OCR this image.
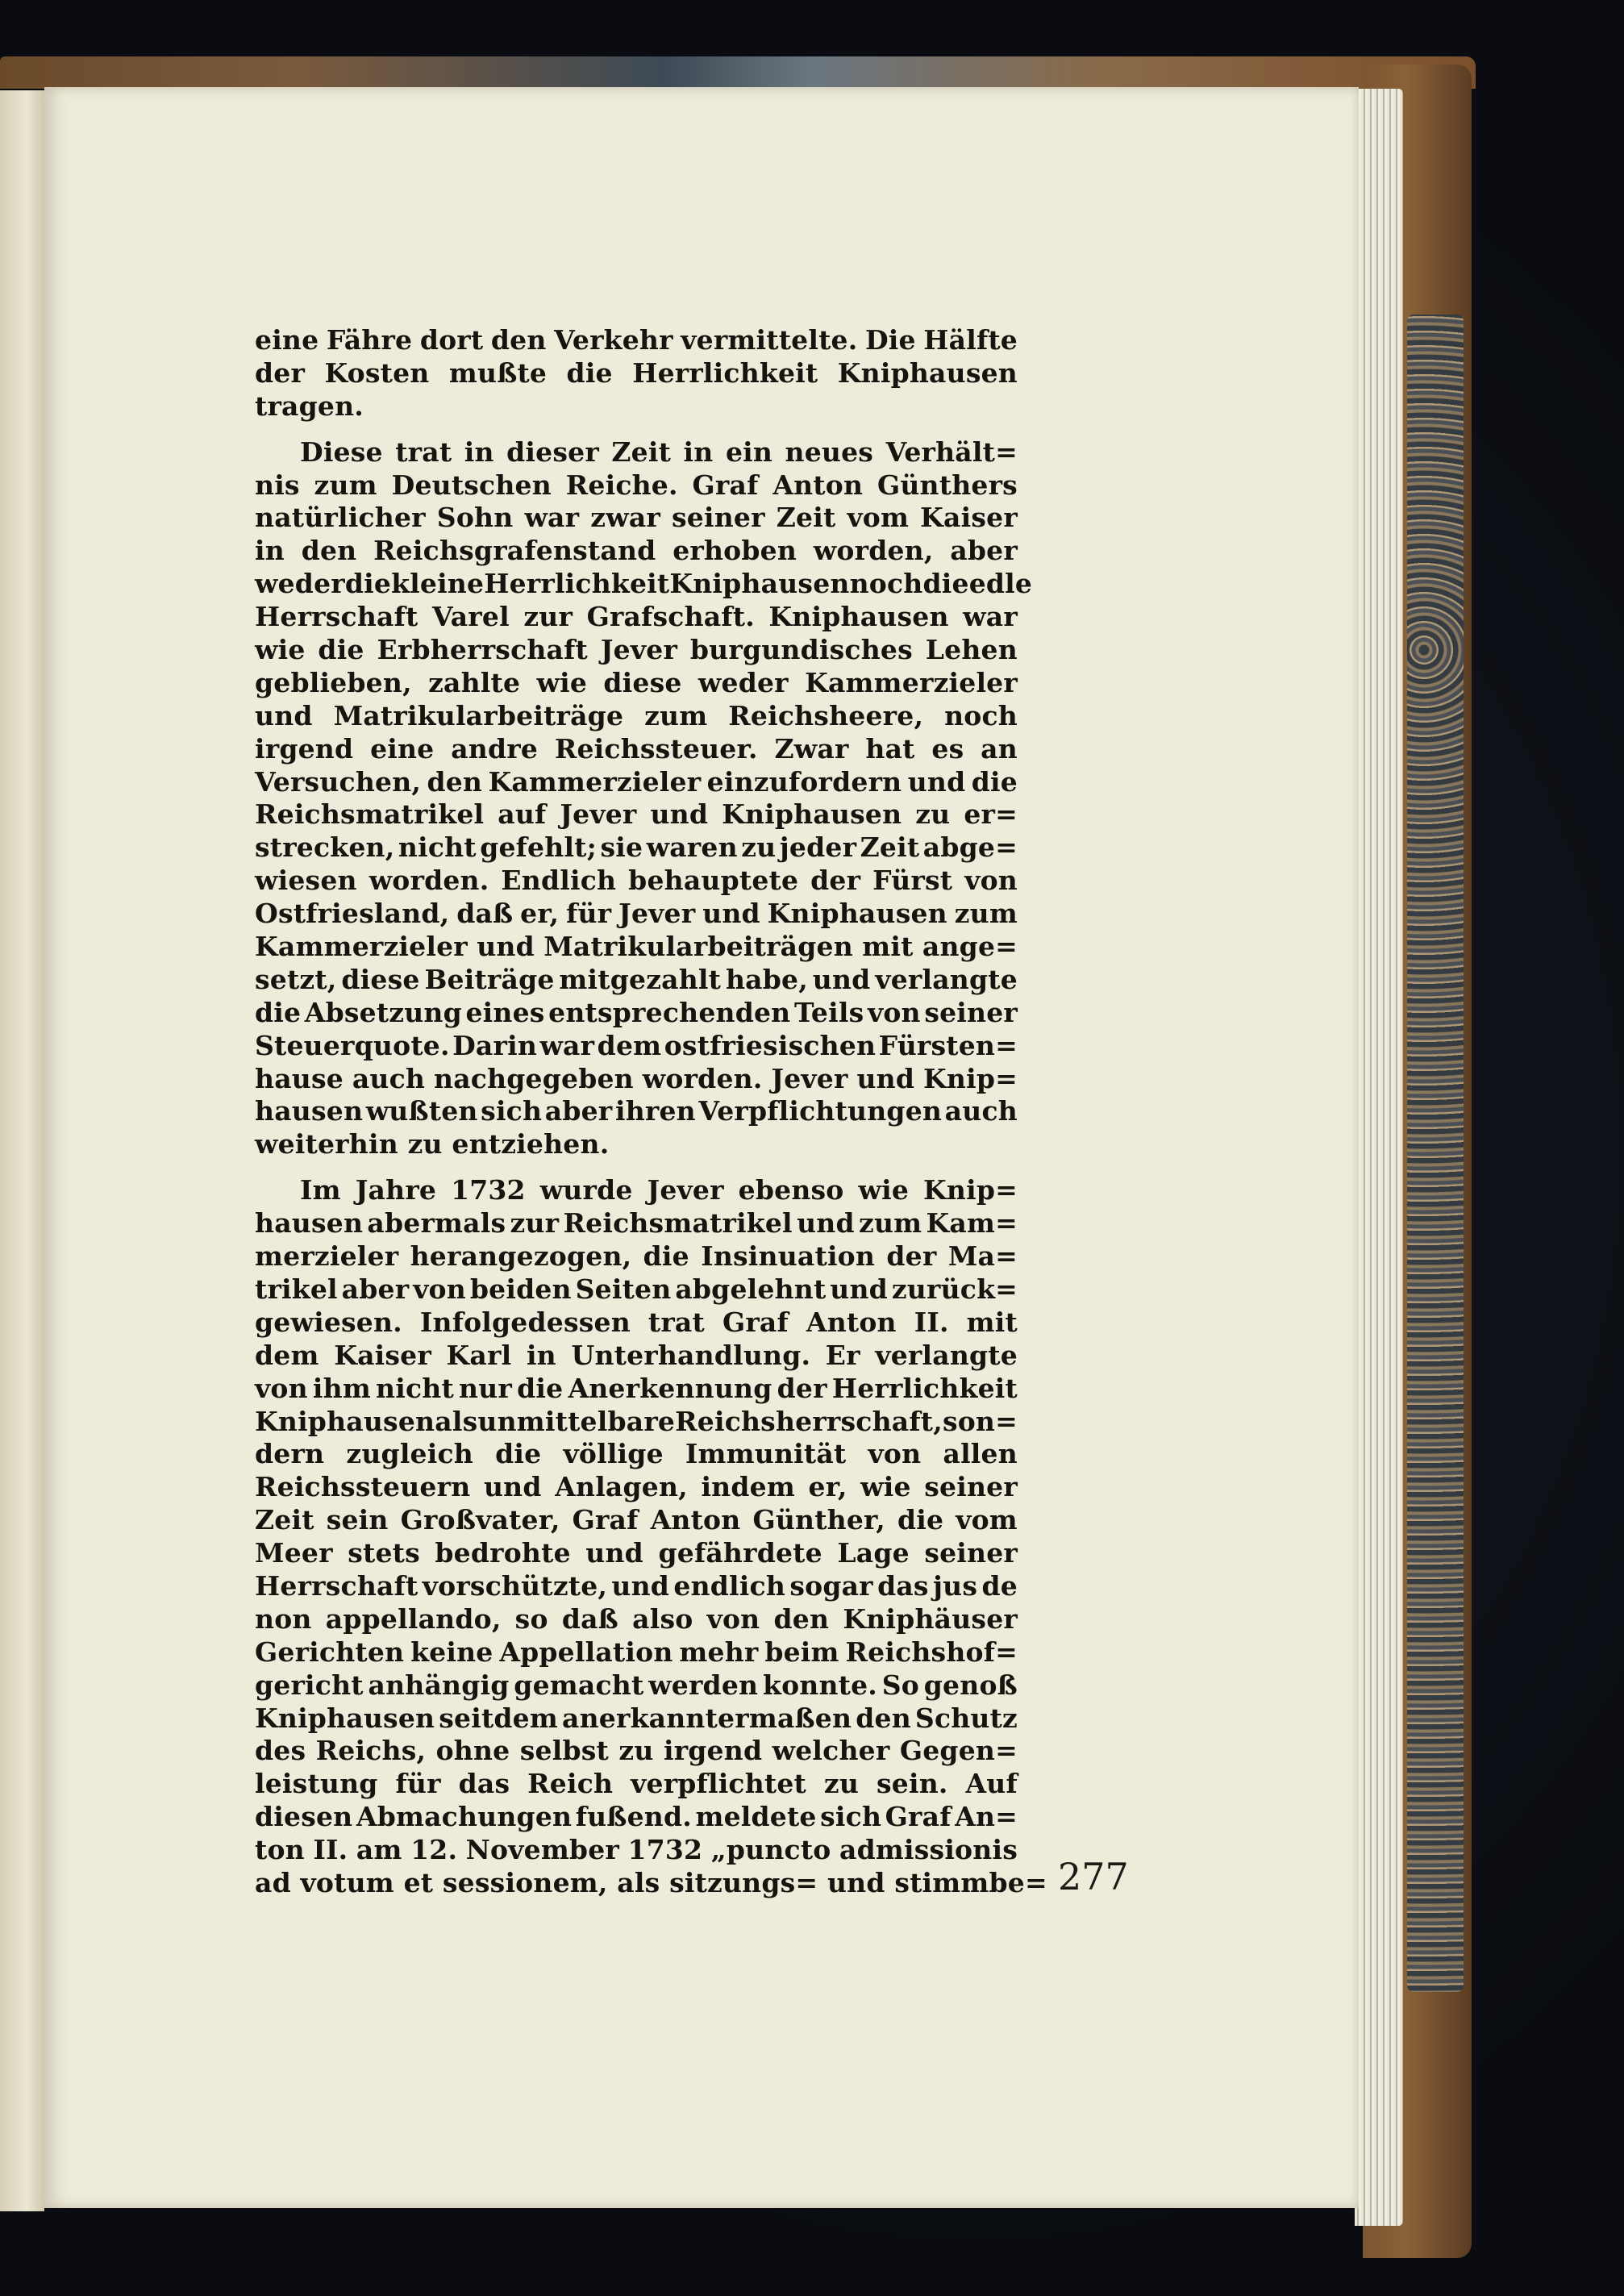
eine Fähre dort den Verkehr vermittelte. Die Hälfte
der Kosten mußte die Herrlichkeit Kniphausen
tragen.
Diese trat in dieser Zeit in ein neues Verhält=
nis zum Deutschen Reiche. Graf Anton Günthers
natürlicher Sohn war zwar seiner Zeit vom Kaiser
in den Reichsgrafenstand erhoben worden, aber
weder die kleine Herrlichkeit Kniphausen noch die edle
Herrschaft Varel zur Grafschaft. Kniphausen war
wie die Erbherrschaft Jever burgundisches Lehen
geblieben, zahlte wie diese weder Kammerzieler
und Matrikularbeiträge zum Reichsheere, noch
irgend eine andre Reichssteuer. Zwar hat es an
Versuchen, den Kammerzieler einzufordern und die
Reichsmatrikel auf Jever und Kniphausen zu er=
strecken, nicht gefehlt; sie waren zu jeder Zeit abge=
wiesen worden. Endlich behauptete der Fürst von
Ostfriesland, daß er, für Jever und Kniphausen zum
Kammerzieler und Matrikularbeiträgen mit ange=
setzt, diese Beiträge mitgezahlt habe, und verlangte
die Absetzung eines entsprechenden Teils von seiner
Steuerquote. Darin war dem ostfriesischen Fürsten=
hause auch nachgegeben worden. Jever und Knip=
hausen wußten sich aber ihren Verpflichtungen auch
weiterhin zu entziehen.
Im Jahre 1732 wurde Jever ebenso wie Knip=
hausen abermals zur Reichsmatrikel und zum Kam=
merzieler herangezogen, die Insinuation der Ma=
trikel aber von beiden Seiten abgelehnt und zurück=
gewiesen. Infolgedessen trat Graf Anton II. mit
dem Kaiser Karl in Unterhandlung. Er verlangte
von ihm nicht nur die Anerkennung der Herrlichkeit
Kniphausen als unmittelbare Reichsherrschaft, son=
dern zugleich die völlige Immunität von allen
Reichssteuern und Anlagen, indem er, wie seiner
Zeit sein Großvater, Graf Anton Günther, die vom
Meer stets bedrohte und gefährdete Lage seiner
Herrschaft vorschützte, und endlich sogar das jus de
non appellando, so daß also von den Kniphäuser
Gerichten keine Appellation mehr beim Reichshof=
gericht anhängig gemacht werden konnte. So genoß
Kniphausen seitdem anerkanntermaßen den Schutz
des Reichs, ohne selbst zu irgend welcher Gegen=
leistung für das Reich verpflichtet zu sein. Auf
diesen Abmachungen fußend. meldete sich Graf An=
ton II. am 12. November 1732 „puncto admissionis
ad votum et sessionem, als sitzungs= und stimmbe= 277
